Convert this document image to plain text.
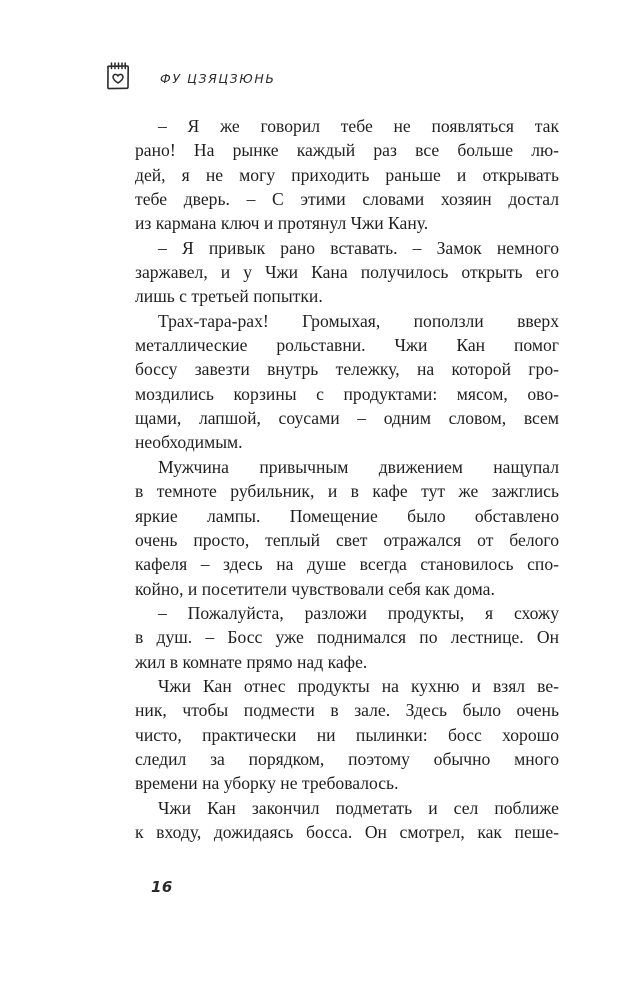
ФУ ЦЗЯЦЗЮНЬ
– Я же говорил тебе не появляться так
рано! На рынке каждый раз все больше лю-
дей, я не могу приходить раньше и открывать
тебе дверь. – С этими словами хозяин достал
из кармана ключ и протянул Чжи Кану.
– Я привык рано вставать. – Замок немного
заржавел, и у Чжи Кана получилось открыть его
лишь с третьей попытки.
Трах-тара-рах! Громыхая, поползли вверх
металлические рольставни. Чжи Кан помог
боссу завезти внутрь тележку, на которой гро-
моздились корзины с продуктами: мясом, ово-
щами, лапшой, соусами – одним словом, всем
необходимым.
Мужчина привычным движением нащупал
в темноте рубильник, и в кафе тут же зажглись
яркие лампы. Помещение было обставлено
очень просто, теплый свет отражался от белого
кафеля – здесь на душе всегда становилось спо-
койно, и посетители чувствовали себя как дома.
– Пожалуйста, разложи продукты, я схожу
в душ. – Босс уже поднимался по лестнице. Он
жил в комнате прямо над кафе.
Чжи Кан отнес продукты на кухню и взял ве-
ник, чтобы подмести в зале. Здесь было очень
чисто, практически ни пылинки: босс хорошо
следил за порядком, поэтому обычно много
времени на уборку не требовалось.
Чжи Кан закончил подметать и сел поближе
к входу, дожидаясь босса. Он смотрел, как пеше-
16
